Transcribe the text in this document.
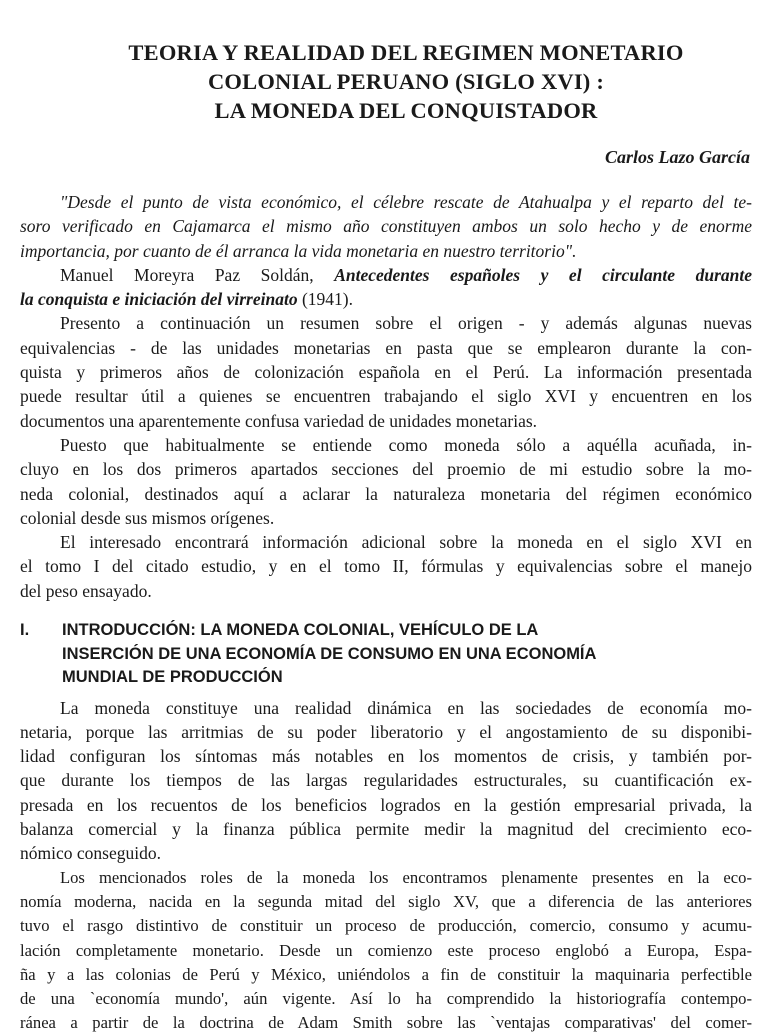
TEORIA Y REALIDAD DEL REGIMEN MONETARIO
COLONIAL PERUANO (SIGLO XVI) :
LA MONEDA DEL CONQUISTADOR
Carlos Lazo García
"Desde el punto de vista económico, el célebre rescate de Atahualpa y el reparto del te-
soro verificado en Cajamarca el mismo año constituyen ambos un solo hecho y de enorme
importancia, por cuanto de él arranca la vida monetaria en nuestro territorio".
Manuel Moreyra Paz Soldán, Antecedentes españoles y el circulante durante
la conquista e iniciación del virreinato (1941).
Presento a continuación un resumen sobre el origen - y además algunas nuevas
equivalencias - de las unidades monetarias en pasta que se emplearon durante la con-
quista y primeros años de colonización española en el Perú. La información presentada
puede resultar útil a quienes se encuentren trabajando el siglo XVI y encuentren en los
documentos una aparentemente confusa variedad de unidades monetarias.
Puesto que habitualmente se entiende como moneda sólo a aquélla acuñada, in-
cluyo en los dos primeros apartados secciones del proemio de mi estudio sobre la mo-
neda colonial, destinados aquí a aclarar la naturaleza monetaria del régimen económico
colonial desde sus mismos orígenes.
El interesado encontrará información adicional sobre la moneda en el siglo XVI en
el tomo I del citado estudio, y en el tomo II, fórmulas y equivalencias sobre el manejo
del peso ensayado.
I.	INTRODUCCIÓN: LA MONEDA COLONIAL, VEHÍCULO DE LA
INSERCIÓN DE UNA ECONOMÍA DE CONSUMO EN UNA ECONOMÍA
MUNDIAL DE PRODUCCIÓN
La moneda constituye una realidad dinámica en las sociedades de economía mo-
netaria, porque las arritmias de su poder liberatorio y el angostamiento de su disponibi-
lidad configuran los síntomas más notables en los momentos de crisis, y también por-
que durante los tiempos de las largas regularidades estructurales, su cuantificación ex-
presada en los recuentos de los beneficios logrados en la gestión empresarial privada, la
balanza comercial y la finanza pública permite medir la magnitud del crecimiento eco-
nómico conseguido.
Los mencionados roles de la moneda los encontramos plenamente presentes en la eco-
nomía moderna, nacida en la segunda mitad del siglo XV, que a diferencia de las anteriores
tuvo el rasgo distintivo de constituir un proceso de producción, comercio, consumo y acumu-
lación completamente monetario. Desde un comienzo este proceso englobó a Europa, Espa-
ña y a las colonias de Perú y México, uniéndolos a fin de constituir la maquinaria perfectible
de una `economía mundo', aún vigente. Así lo ha comprendido la historiografía contempo-
ránea a partir de la doctrina de Adam Smith sobre las `ventajas comparativas' del comer-
